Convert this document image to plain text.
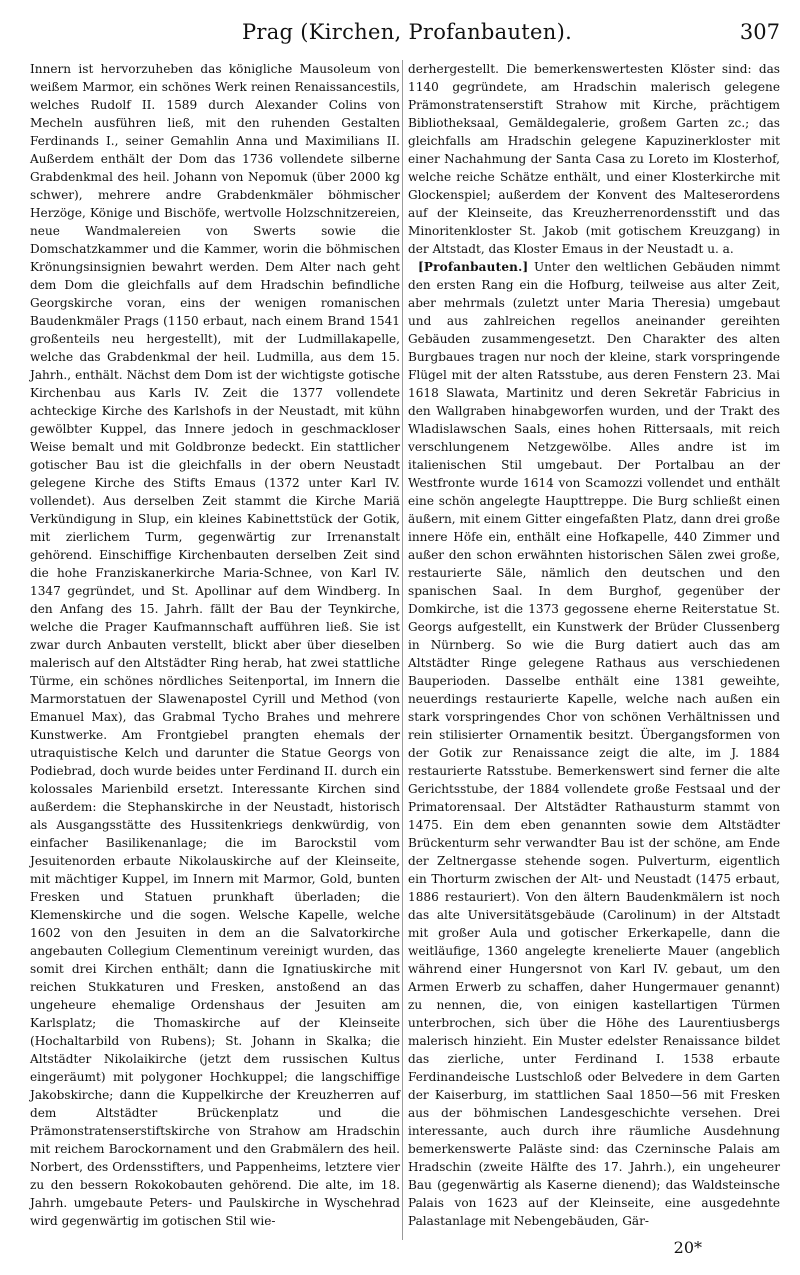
Prag (Kirchen, Profanbauten).	307

Innern ist hervorzuheben das königliche Mausoleum von weißem Marmor, ein schönes Werk reinen Renaissancestils, welches Rudolf II. 1589 durch Alexander Colins von Mecheln ausführen ließ, mit den ruhenden Gestalten Ferdinands I., seiner Gemahlin Anna und Maximilians II. Außerdem enthält der Dom das 1736 vollendete silberne Grabdenkmal des heil. Johann von Nepomuk (über 2000 kg schwer), mehrere andre Grabdenkmäler böhmischer Herzöge, Könige und Bischöfe, wertvolle Holzschnitzereien, neue Wandmalereien von Swerts sowie die Domschatzkammer und die Kammer, worin die böhmischen Krönungsinsignien bewahrt werden. Dem Alter nach geht dem Dom die gleichfalls auf dem Hradschin befindliche Georgskirche voran, eins der wenigen romanischen Baudenkmäler Prags (1150 erbaut, nach einem Brand 1541 großenteils neu hergestellt), mit der Ludmillakapelle, welche das Grabdenkmal der heil. Ludmilla, aus dem 15. Jahrh., enthält. Nächst dem Dom ist der wichtigste gotische Kirchenbau aus Karls IV. Zeit die 1377 vollendete achteckige Kirche des Karlshofs in der Neustadt, mit kühn gewölbter Kuppel, das Innere jedoch in geschmackloser Weise bemalt und mit Goldbronze bedeckt. Ein stattlicher gotischer Bau ist die gleichfalls in der obern Neustadt gelegene Kirche des Stifts Emaus (1372 unter Karl IV. vollendet). Aus derselben Zeit stammt die Kirche Mariä Verkündigung in Slup, ein kleines Kabinettstück der Gotik, mit zierlichem Turm, gegenwärtig zur Irrenanstalt gehörend. Einschiffige Kirchenbauten derselben Zeit sind die hohe Franziskanerkirche Maria-Schnee, von Karl IV. 1347 gegründet, und St. Apollinar auf dem Windberg. In den Anfang des 15. Jahrh. fällt der Bau der Teynkirche, welche die Prager Kaufmannschaft aufführen ließ. Sie ist zwar durch Anbauten verstellt, blickt aber über dieselben malerisch auf den Altstädter Ring herab, hat zwei stattliche Türme, ein schönes nördliches Seitenportal, im Innern die Marmorstatuen der Slawenapostel Cyrill und Method (von Emanuel Max), das Grabmal Tycho Brahes und mehrere Kunstwerke. Am Frontgiebel prangten ehemals der utraquistische Kelch und darunter die Statue Georgs von Podiebrad, doch wurde beides unter Ferdinand II. durch ein kolossales Marienbild ersetzt. Interessante Kirchen sind außerdem: die Stephanskirche in der Neustadt, historisch als Ausgangsstätte des Hussitenkriegs denkwürdig, von einfacher Basilikenanlage; die im Barockstil vom Jesuitenorden erbaute Nikolauskirche auf der Kleinseite, mit mächtiger Kuppel, im Innern mit Marmor, Gold, bunten Fresken und Statuen prunkhaft überladen; die Klemenskirche und die sogen. Welsche Kapelle, welche 1602 von den Jesuiten in dem an die Salvatorkirche angebauten Collegium Clementinum vereinigt wurden, das somit drei Kirchen enthält; dann die Ignatiuskirche mit reichen Stukkaturen und Fresken, anstoßend an das ungeheure ehemalige Ordenshaus der Jesuiten am Karlsplatz; die Thomaskirche auf der Kleinseite (Hochaltarbild von Rubens); St. Johann in Skalka; die Altstädter Nikolaikirche (jetzt dem russischen Kultus eingeräumt) mit polygoner Hochkuppel; die langschiffige Jakobskirche; dann die Kuppelkirche der Kreuzherren auf dem Altstädter Brückenplatz und die Prämonstratenserstiftskirche von Strahow am Hradschin mit reichem Barockornament und den Grabmälern des heil. Norbert, des Ordensstifters, und Pappenheims, letztere vier zu den bessern Rokokobauten gehörend. Die alte, im 18. Jahrh. umgebaute Peters- und Paulskirche in Wyschehrad wird gegenwärtig im gotischen Stil wie-

derhergestellt. Die bemerkenswertesten Klöster sind: das 1140 gegründete, am Hradschin malerisch gelegene Prämonstratenserstift Strahow mit Kirche, prächtigem Bibliotheksaal, Gemäldegalerie, großem Garten zc.; das gleichfalls am Hradschin gelegene Kapuzinerkloster mit einer Nachahmung der Santa Casa zu Loreto im Klosterhof, welche reiche Schätze enthält, und einer Klosterkirche mit Glockenspiel; außerdem der Konvent des Malteserordens auf der Kleinseite, das Kreuzherrenordensstift und das Minoritenkloster St. Jakob (mit gotischem Kreuzgang) in der Altstadt, das Kloster Emaus in der Neustadt u. a.

[Profanbauten.] Unter den weltlichen Gebäuden nimmt den ersten Rang ein die Hofburg, teilweise aus alter Zeit, aber mehrmals (zuletzt unter Maria Theresia) umgebaut und aus zahlreichen regellos aneinander gereihten Gebäuden zusammengesetzt. Den Charakter des alten Burgbaues tragen nur noch der kleine, stark vorspringende Flügel mit der alten Ratsstube, aus deren Fenstern 23. Mai 1618 Slawata, Martinitz und deren Sekretär Fabricius in den Wallgraben hinabgeworfen wurden, und der Trakt des Wladislawschen Saals, eines hohen Rittersaals, mit reich verschlungenem Netzgewölbe. Alles andre ist im italienischen Stil umgebaut. Der Portalbau an der Westfronte wurde 1614 von Scamozzi vollendet und enthält eine schön angelegte Haupttreppe. Die Burg schließt einen äußern, mit einem Gitter eingefaßten Platz, dann drei große innere Höfe ein, enthält eine Hofkapelle, 440 Zimmer und außer den schon erwähnten historischen Sälen zwei große, restaurierte Säle, nämlich den deutschen und den spanischen Saal. In dem Burghof, gegenüber der Domkirche, ist die 1373 gegossene eherne Reiterstatue St. Georgs aufgestellt, ein Kunstwerk der Brüder Clussenberg in Nürnberg. So wie die Burg datiert auch das am Altstädter Ringe gelegene Rathaus aus verschiedenen Bauperioden. Dasselbe enthält eine 1381 geweihte, neuerdings restaurierte Kapelle, welche nach außen ein stark vorspringendes Chor von schönen Verhältnissen und rein stilisierter Ornamentik besitzt. Übergangsformen von der Gotik zur Renaissance zeigt die alte, im J. 1884 restaurierte Ratsstube. Bemerkenswert sind ferner die alte Gerichtsstube, der 1884 vollendete große Festsaal und der Primatorensaal. Der Altstädter Rathausturm stammt von 1475. Ein dem eben genannten sowie dem Altstädter Brückenturm sehr verwandter Bau ist der schöne, am Ende der Zeltnergasse stehende sogen. Pulverturm, eigentlich ein Thorturm zwischen der Alt- und Neustadt (1475 erbaut, 1886 restauriert). Von den ältern Baudenkmälern ist noch das alte Universitätsgebäude (Carolinum) in der Altstadt mit großer Aula und gotischer Erkerkapelle, dann die weitläufige, 1360 angelegte krenelierte Mauer (angeblich während einer Hungersnot von Karl IV. gebaut, um den Armen Erwerb zu schaffen, daher Hungermauer genannt) zu nennen, die, von einigen kastellartigen Türmen unterbrochen, sich über die Höhe des Laurentiusbergs malerisch hinzieht. Ein Muster edelster Renaissance bildet das zierliche, unter Ferdinand I. 1538 erbaute Ferdinandeische Lustschloß oder Belvedere in dem Garten der Kaiserburg, im stattlichen Saal 1850—56 mit Fresken aus der böhmischen Landesgeschichte versehen. Drei interessante, auch durch ihre räumliche Ausdehnung bemerkenswerte Paläste sind: das Czerninsche Palais am Hradschin (zweite Hälfte des 17. Jahrh.), ein ungeheurer Bau (gegenwärtig als Kaserne dienend); das Waldsteinsche Palais von 1623 auf der Kleinseite, eine ausgedehnte Palastanlage mit Nebengebäuden, Gär-

20*
